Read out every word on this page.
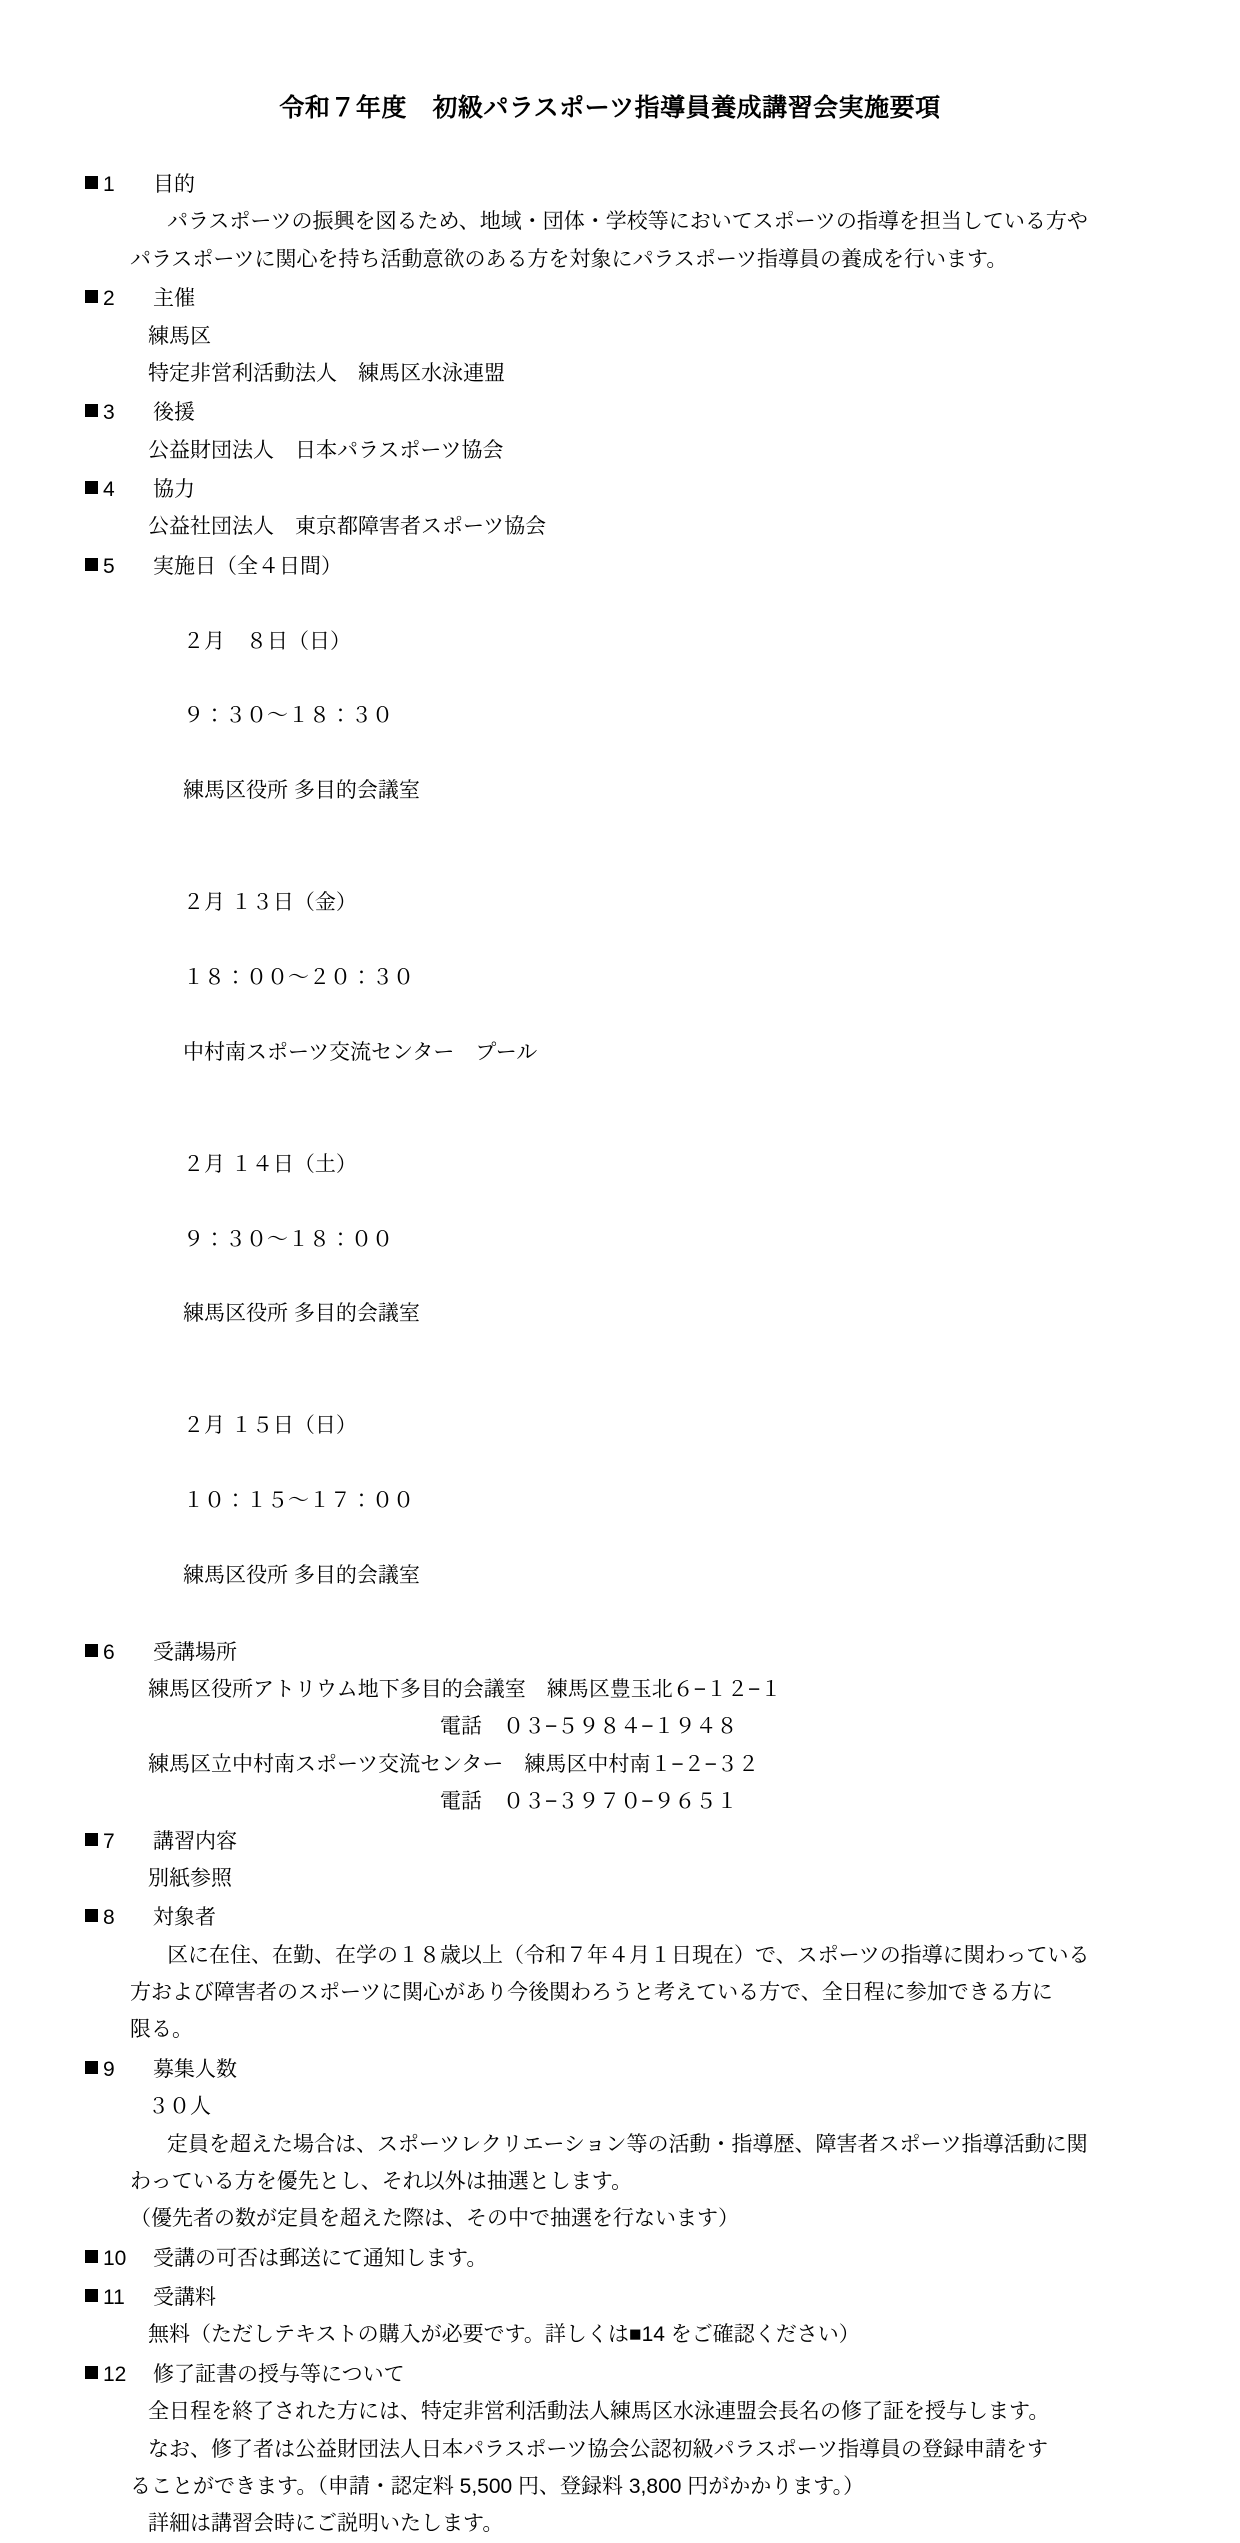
令和７年度　初級パラスポーツ指導員養成講習会実施要項
1	目的
パラスポーツの振興を図るため、地域・団体・学校等においてスポーツの指導を担当している方や
パラスポーツに関心を持ち活動意欲のある方を対象にパラスポーツ指導員の養成を行います。
2	主催
練馬区
特定非営利活動法人　練馬区水泳連盟
3	後援
公益財団法人　日本パラスポーツ協会
4	協力
公益社団法人　東京都障害者スポーツ協会
5	実施日（全４日間）

２月　８日（日）

９：３０〜１８：３０

練馬区役所 多目的会議室

２月 １３日（金）

１８：００〜２０：３０

中村南スポーツ交流センター　プール

２月 １４日（土）

９：３０〜１８：００

練馬区役所 多目的会議室

２月 １５日（日）

１０：１５〜１７：００

練馬区役所 多目的会議室

6	受講場所
練馬区役所アトリウム地下多目的会議室　練馬区豊玉北６−１２−１
電話　０３−５９８４−１９４８
練馬区立中村南スポーツ交流センター　練馬区中村南１−２−３２
電話　０３−３９７０−９６５１
7	講習内容
別紙参照
8	対象者
区に在住、在勤、在学の１８歳以上（令和７年４月１日現在）で、スポーツの指導に関わっている
方および障害者のスポーツに関心があり今後関わろうと考えている方で、全日程に参加できる方に
限る。
9	募集人数
３０人
定員を超えた場合は、スポーツレクリエーション等の活動・指導歴、障害者スポーツ指導活動に関
わっている方を優先とし、それ以外は抽選とします。
（優先者の数が定員を超えた際は、その中で抽選を行ないます）
10 受講の可否は郵送にて通知します。
11 受講料
無料（ただしテキストの購入が必要です。詳しくは■14 をご確認ください）
12 修了証書の授与等について
全日程を終了された方には、特定非営利活動法人練馬区水泳連盟会長名の修了証を授与します。
なお、修了者は公益財団法人日本パラスポーツ協会公認初級パラスポーツ指導員の登録申請をす
ることができます。（申請・認定料 5,500 円、登録料 3,800 円がかかります。）
詳細は講習会時にご説明いたします。
